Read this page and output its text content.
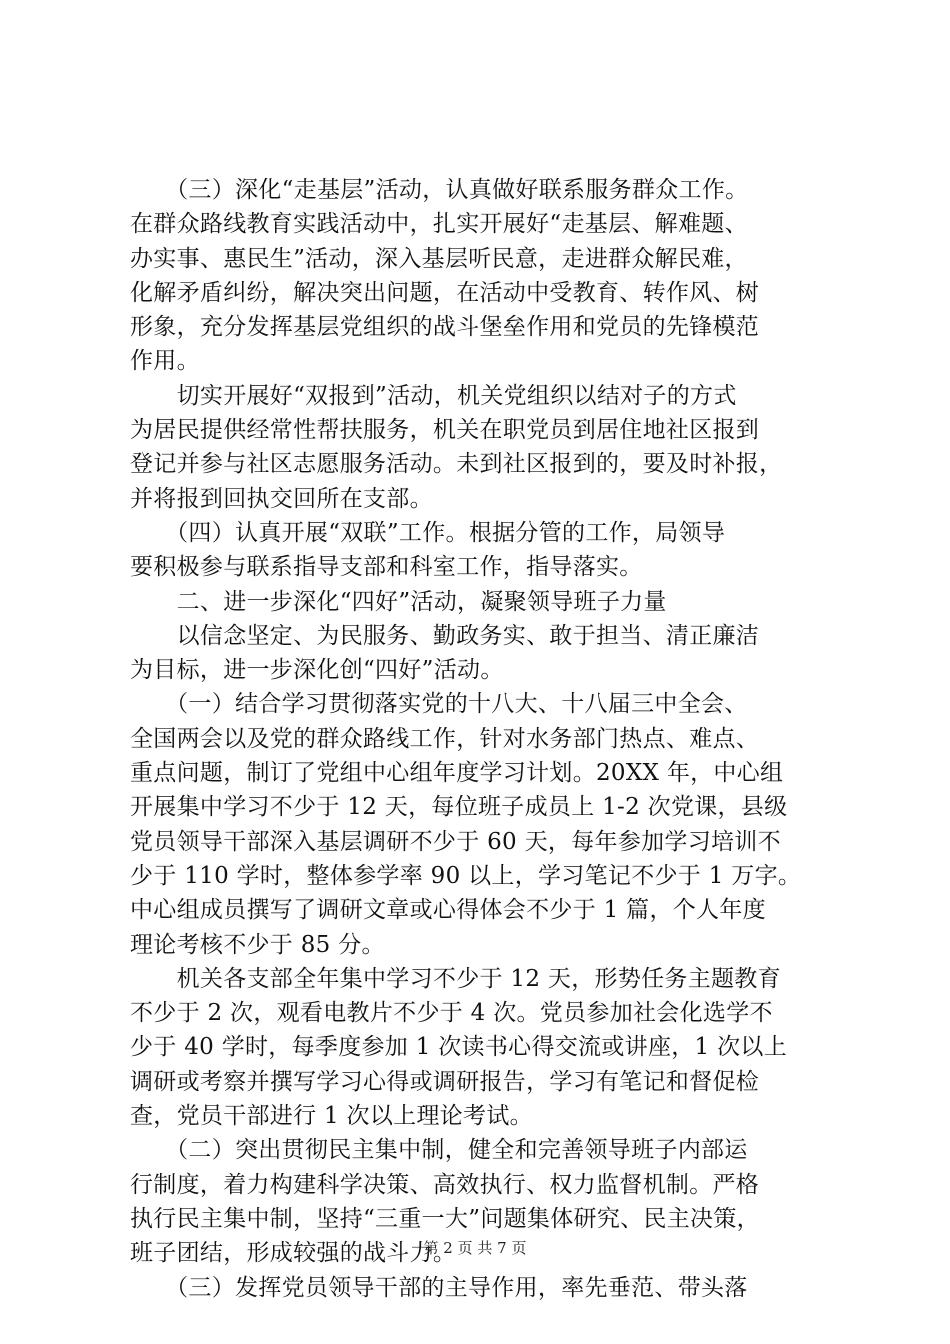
　　（三）深化“走基层”活动，认真做好联系服务群众工作。
在群众路线教育实践活动中，扎实开展好“走基层、解难题、
办实事、惠民生”活动，深入基层听民意，走进群众解民难，
化解矛盾纠纷，解决突出问题，在活动中受教育、转作风、树
形象，充分发挥基层党组织的战斗堡垒作用和党员的先锋模范
作用。
　　切实开展好“双报到”活动，机关党组织以结对子的方式
为居民提供经常性帮扶服务，机关在职党员到居住地社区报到
登记并参与社区志愿服务活动。未到社区报到的，要及时补报，
并将报到回执交回所在支部。
　　（四）认真开展“双联”工作。根据分管的工作，局领导
要积极参与联系指导支部和科室工作，指导落实。
　　二、进一步深化“四好”活动，凝聚领导班子力量
　　以信念坚定、为民服务、勤政务实、敢于担当、清正廉洁
为目标，进一步深化创“四好”活动。
　　（一）结合学习贯彻落实党的十八大、十八届三中全会、
全国两会以及党的群众路线工作，针对水务部门热点、难点、
重点问题，制订了党组中心组年度学习计划。20XX 年，中心组
开展集中学习不少于 12 天，每位班子成员上 1-2 次党课，县级
党员领导干部深入基层调研不少于 60 天，每年参加学习培训不
少于 110 学时，整体参学率 90 以上，学习笔记不少于 1 万字。
中心组成员撰写了调研文章或心得体会不少于 1 篇，个人年度
理论考核不少于 85 分。
　　机关各支部全年集中学习不少于 12 天，形势任务主题教育
不少于 2 次，观看电教片不少于 4 次。党员参加社会化选学不
少于 40 学时，每季度参加 1 次读书心得交流或讲座，1 次以上
调研或考察并撰写学习心得或调研报告，学习有笔记和督促检
查，党员干部进行 1 次以上理论考试。
　　（二）突出贯彻民主集中制，健全和完善领导班子内部运
行制度，着力构建科学决策、高效执行、权力监督机制。严格
执行民主集中制，坚持“三重一大”问题集体研究、民主决策，
班子团结，形成较强的战斗力。
　　（三）发挥党员领导干部的主导作用，率先垂范、带头落
第 2 页 共 7 页
